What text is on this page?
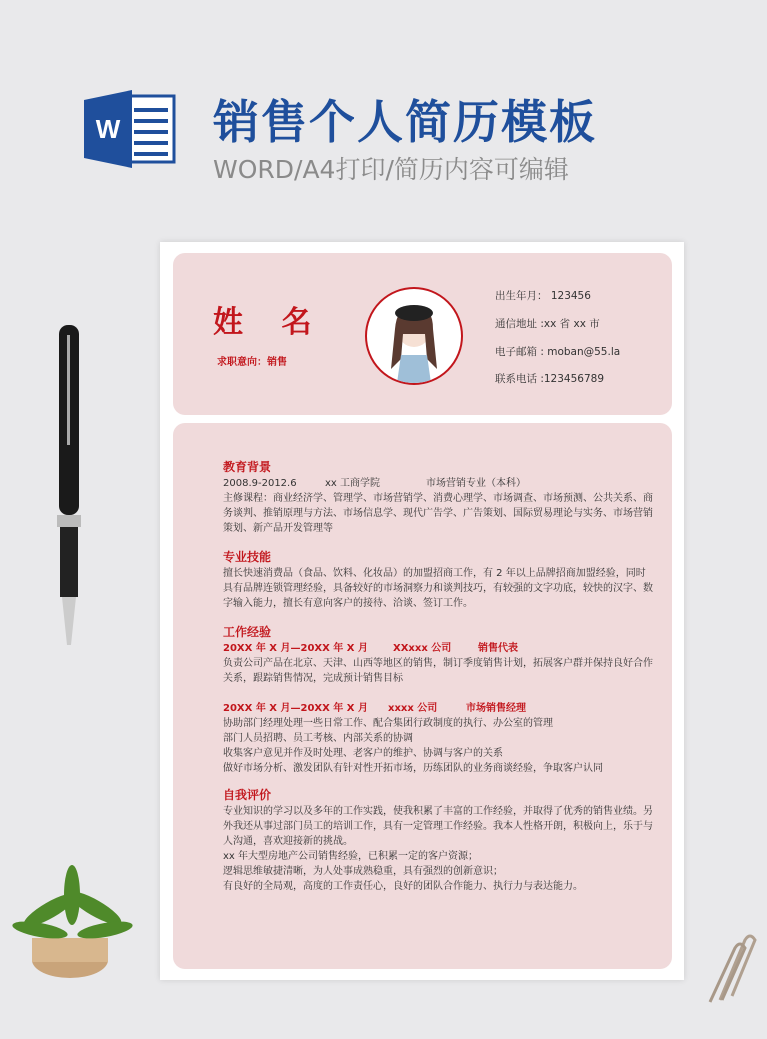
W 销售个人简历模板
WORD/A4打印/简历内容可编辑
姓 名
求职意向：销售
出生年月： 123456
通信地址 :xx 省 xx 市
电子邮箱 : moban@55.la
联系电话 :123456789
教育背景
2008.9-2012.6	xx 工商学院	市场营销专业（本科）
主修课程：商业经济学、管理学、市场营销学、消费心理学、市场调查、市场预测、公共关系、商务谈判、推销原理与方法、市场信息学、现代广告学、广告策划、国际贸易理论与实务、市场营销策划、新产品开发管理等
专业技能
擅长快速消费品（食品、饮料、化妆品）的加盟招商工作，有 2 年以上品牌招商加盟经验，同时具有品牌连锁管理经验，具备较好的市场洞察力和谈判技巧，有较强的文字功底，较快的汉字、数字输入能力，擅长有意向客户的接待、洽谈、签订工作。
工作经验
20XX 年 X 月—20XX 年 X 月	XXxxx 公司	销售代表
负责公司产品在北京、天津、山西等地区的销售，制订季度销售计划，拓展客户群并保持良好合作关系，跟踪销售情况，完成预计销售目标
20XX 年 X 月—20XX 年 X 月 xxxx 公司	市场销售经理
协助部门经理处理一些日常工作、配合集团行政制度的执行、办公室的管理
部门人员招聘、员工考核、内部关系的协调
收集客户意见并作及时处理、老客户的维护、协调与客户的关系
做好市场分析、激发团队有针对性开拓市场，历练团队的业务商谈经验，争取客户认同
自我评价
专业知识的学习以及多年的工作实践，使我积累了丰富的工作经验，并取得了优秀的销售业绩。另外我还从事过部门员工的培训工作，具有一定管理工作经验。我本人性格开朗，积极向上，乐于与人沟通，喜欢迎接新的挑战。
xx 年大型房地产公司销售经验，已积累一定的客户资源；
逻辑思维敏捷清晰，为人处事成熟稳重，具有强烈的创新意识；
有良好的全局观，高度的工作责任心，良好的团队合作能力、执行力与表达能力。
